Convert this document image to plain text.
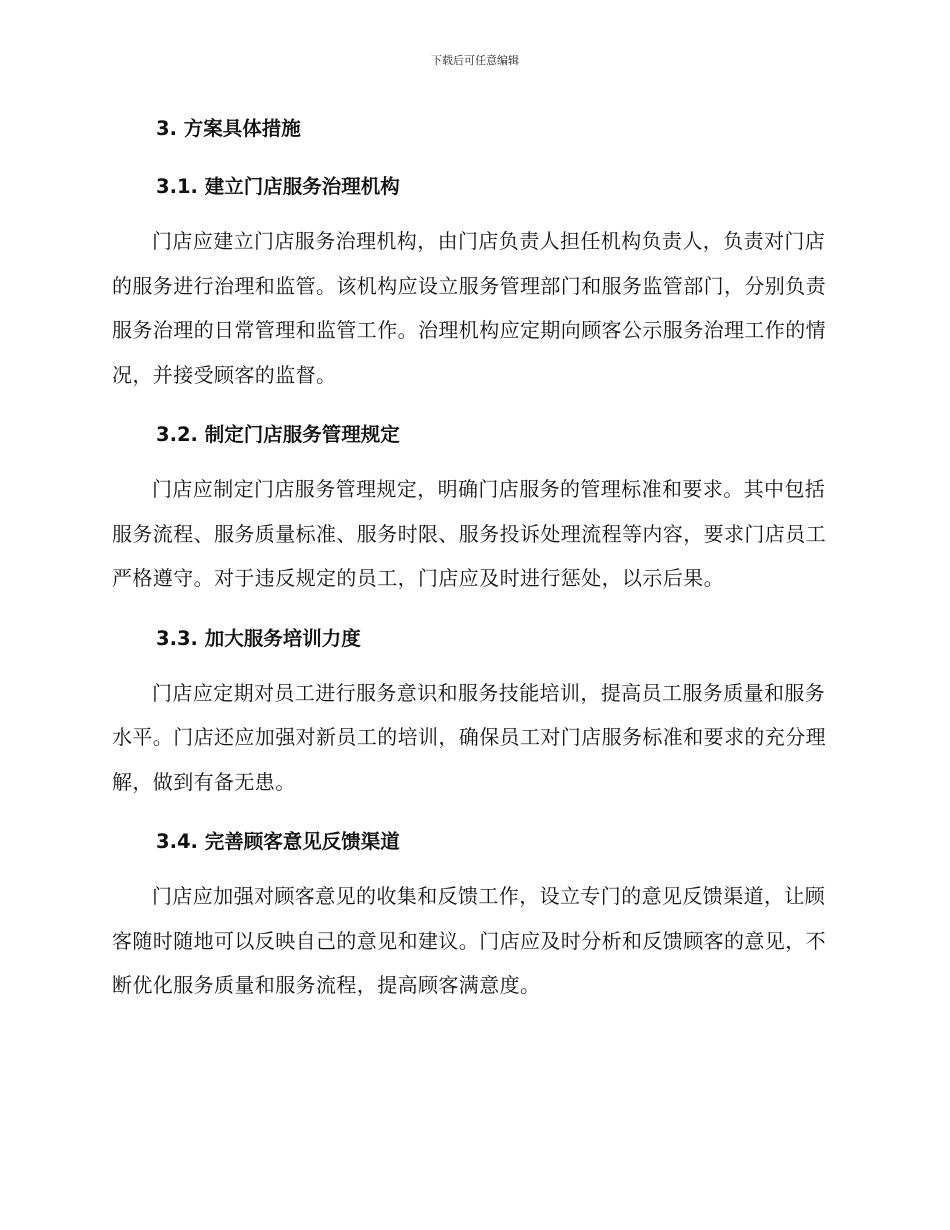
下载后可任意编辑
3. 方案具体措施
3.1. 建立门店服务治理机构

门店应建立门店服务治理机构，由门店负责人担任机构负责人，负责对门店的服务进行治理和监管。该机构应设立服务管理部门和服务监管部门，分别负责服务治理的日常管理和监管工作。治理机构应定期向顾客公示服务治理工作的情况，并接受顾客的监督。

3.2. 制定门店服务管理规定

门店应制定门店服务管理规定，明确门店服务的管理标准和要求。其中包括服务流程、服务质量标准、服务时限、服务投诉处理流程等内容，要求门店员工严格遵守。对于违反规定的员工，门店应及时进行惩处，以示后果。

3.3. 加大服务培训力度

门店应定期对员工进行服务意识和服务技能培训，提高员工服务质量和服务水平。门店还应加强对新员工的培训，确保员工对门店服务标准和要求的充分理解，做到有备无患。

3.4. 完善顾客意见反馈渠道

门店应加强对顾客意见的收集和反馈工作，设立专门的意见反馈渠道，让顾客随时随地可以反映自己的意见和建议。门店应及时分析和反馈顾客的意见，不断优化服务质量和服务流程，提高顾客满意度。
